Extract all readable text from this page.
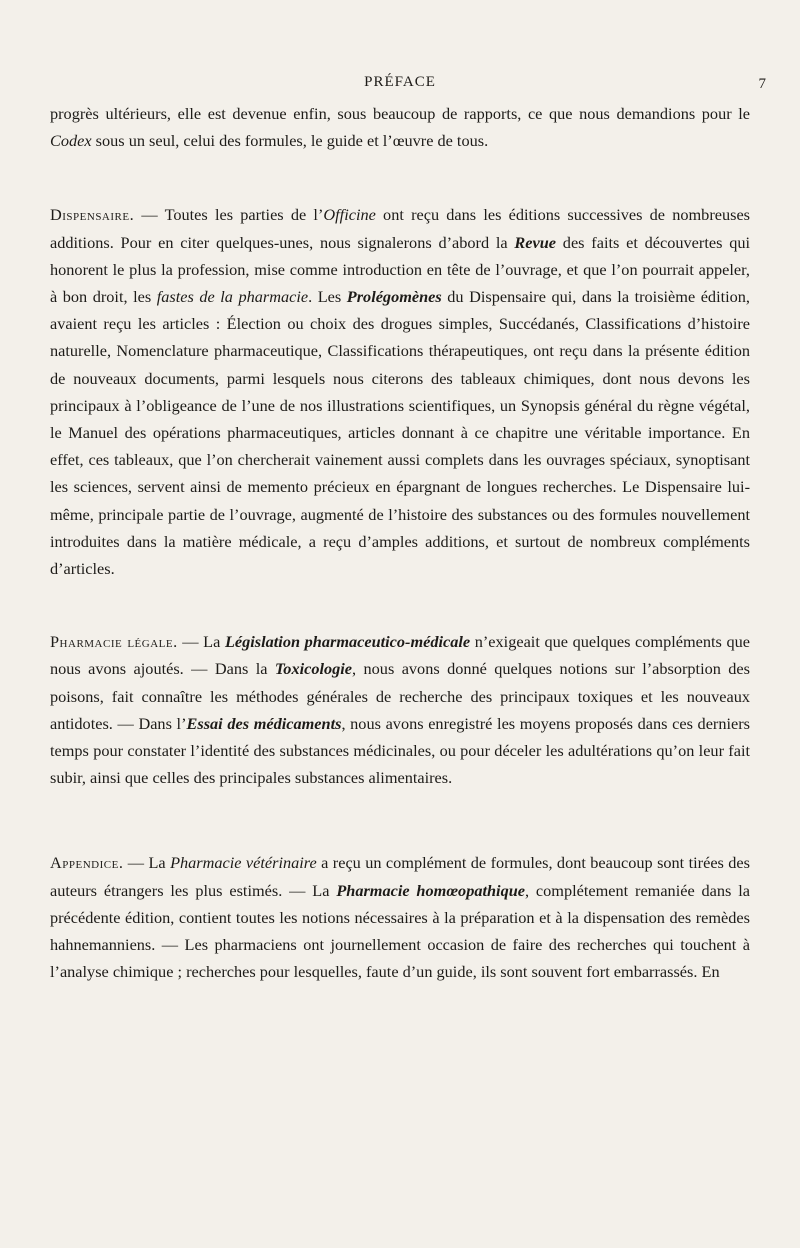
PRÉFACE	7

progrès ultérieurs, elle est devenue enfin, sous beaucoup de rapports, ce que nous demandions pour le Codex sous un seul, celui des formules, le guide et l’œuvre de tous.

Dispensaire. — Toutes les parties de l’Officine ont reçu dans les éditions successives de nombreuses additions. Pour en citer quelques-unes, nous signalerons d’abord la Revue des faits et découvertes qui honorent le plus la profession, mise comme introduction en tête de l’ouvrage, et que l’on pourrait appeler, à bon droit, les fastes de la pharmacie. Les Prolégomènes du Dispensaire qui, dans la troisième édition, avaient reçu les articles : Élection ou choix des drogues simples, Succédanés, Classifications d’histoire naturelle, Nomenclature pharmaceutique, Classifications thérapeutiques, ont reçu dans la présente édition de nouveaux documents, parmi lesquels nous citerons des tableaux chimiques, dont nous devons les principaux à l’obligeance de l’une de nos illustrations scientifiques, un Synopsis général du règne végétal, le Manuel des opérations pharmaceutiques, articles donnant à ce chapitre une véritable importance. En effet, ces tableaux, que l’on chercherait vainement aussi complets dans les ouvrages spéciaux, synoptisant les sciences, servent ainsi de memento précieux en épargnant de longues recherches. Le Dispensaire lui-même, principale partie de l’ouvrage, augmenté de l’histoire des substances ou des formules nouvellement introduites dans la matière médicale, a reçu d’amples additions, et surtout de nombreux compléments d’articles.

Pharmacie légale. — La Législation pharmaceutico-médicale n’exigeait que quelques compléments que nous avons ajoutés. — Dans la Toxicologie, nous avons donné quelques notions sur l’absorption des poisons, fait connaître les méthodes générales de recherche des principaux toxiques et les nouveaux antidotes. — Dans l’Essai des médicaments, nous avons enregistré les moyens proposés dans ces derniers temps pour constater l’identité des substances médicinales, ou pour déceler les adultérations qu’on leur fait subir, ainsi que celles des principales substances alimentaires.

Appendice. — La Pharmacie vétérinaire a reçu un complément de formules, dont beaucoup sont tirées des auteurs étrangers les plus estimés. — La Pharmacie homœopathique, complétement remaniée dans la précédente édition, contient toutes les notions nécessaires à la préparation et à la dispensation des remèdes hahnemanniens. — Les pharmaciens ont journellement occasion de faire des recherches qui touchent à l’analyse chimique ; recherches pour lesquelles, faute d’un guide, ils sont souvent fort embarrassés. En
